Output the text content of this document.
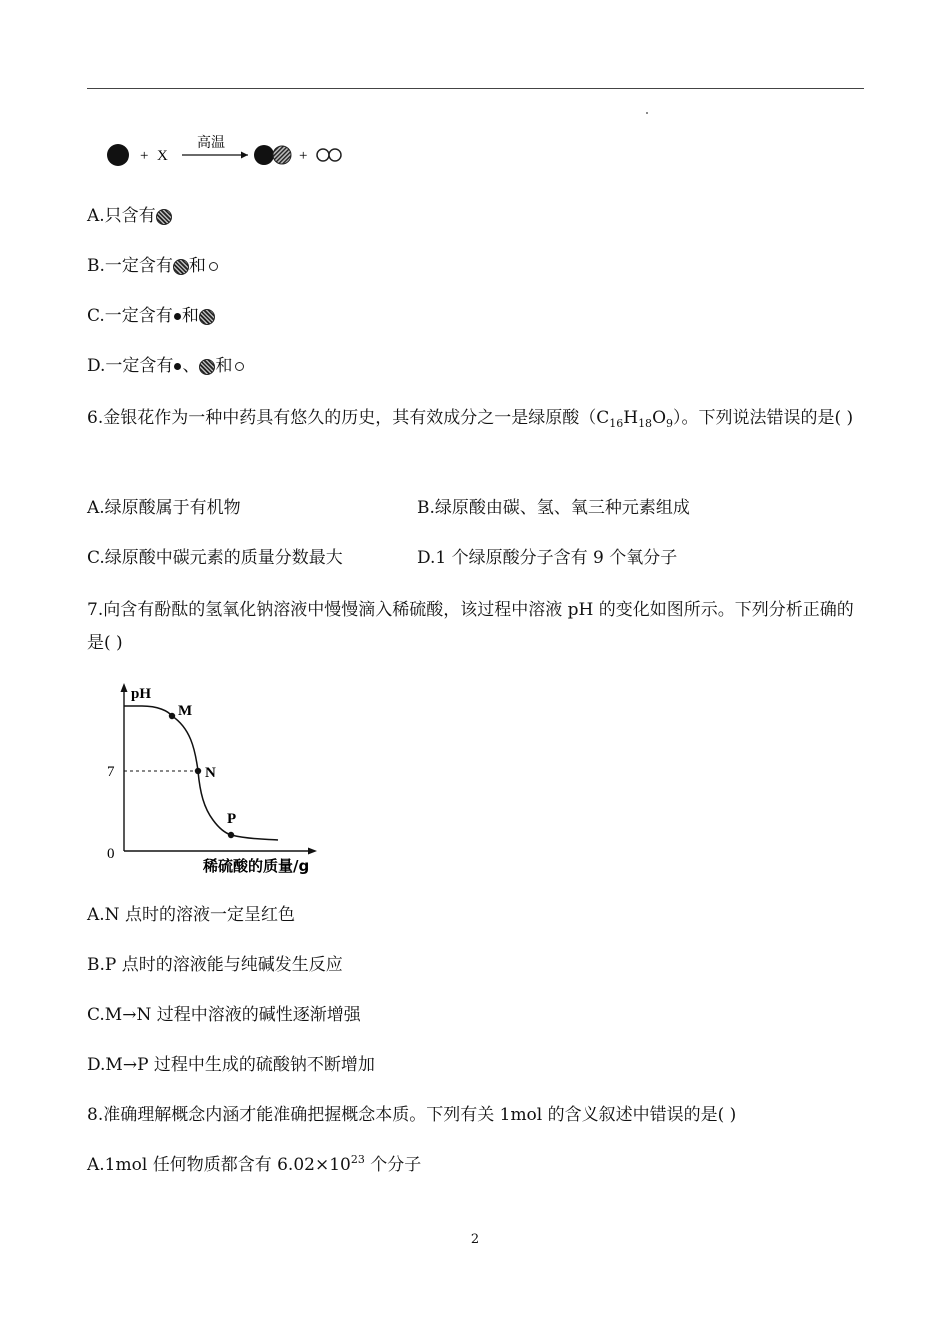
+ X
高温
+
A.只含有
B.一定含有 和
C.一定含有 和
D.一定含有 、 和
6.金银花作为一种中药具有悠久的历史，其有效成分之一是绿原酸$(C_{16}H_{18}O_9)$。下列说法错误的是( )
A.绿原酸属于有机物	B.绿原酸由碳、氢、氧三种元素组成
C.绿原酸中碳元素的质量分数最大	D.1 个绿原酸分子含有 9 个氧分子
7.向含有酚酞的氢氧化钠溶液中慢慢滴入稀硫酸，该过程中溶液 pH 的变化如图所示。下列分析正确的是( )
pH
7
0
M
N
P
稀硫酸的质量/g
A.N 点时的溶液一定呈红色
B.P 点时的溶液能与纯碱发生反应
C.M→N 过程中溶液的碱性逐渐增强
D.M→P 过程中生成的硫酸钠不断增加
8.准确理解概念内涵才能准确把握概念本质。下列有关 1mol 的含义叙述中错误的是( )
A.1mol 任何物质都含有 $6.02\times 10^{23}$ 个分子
2
